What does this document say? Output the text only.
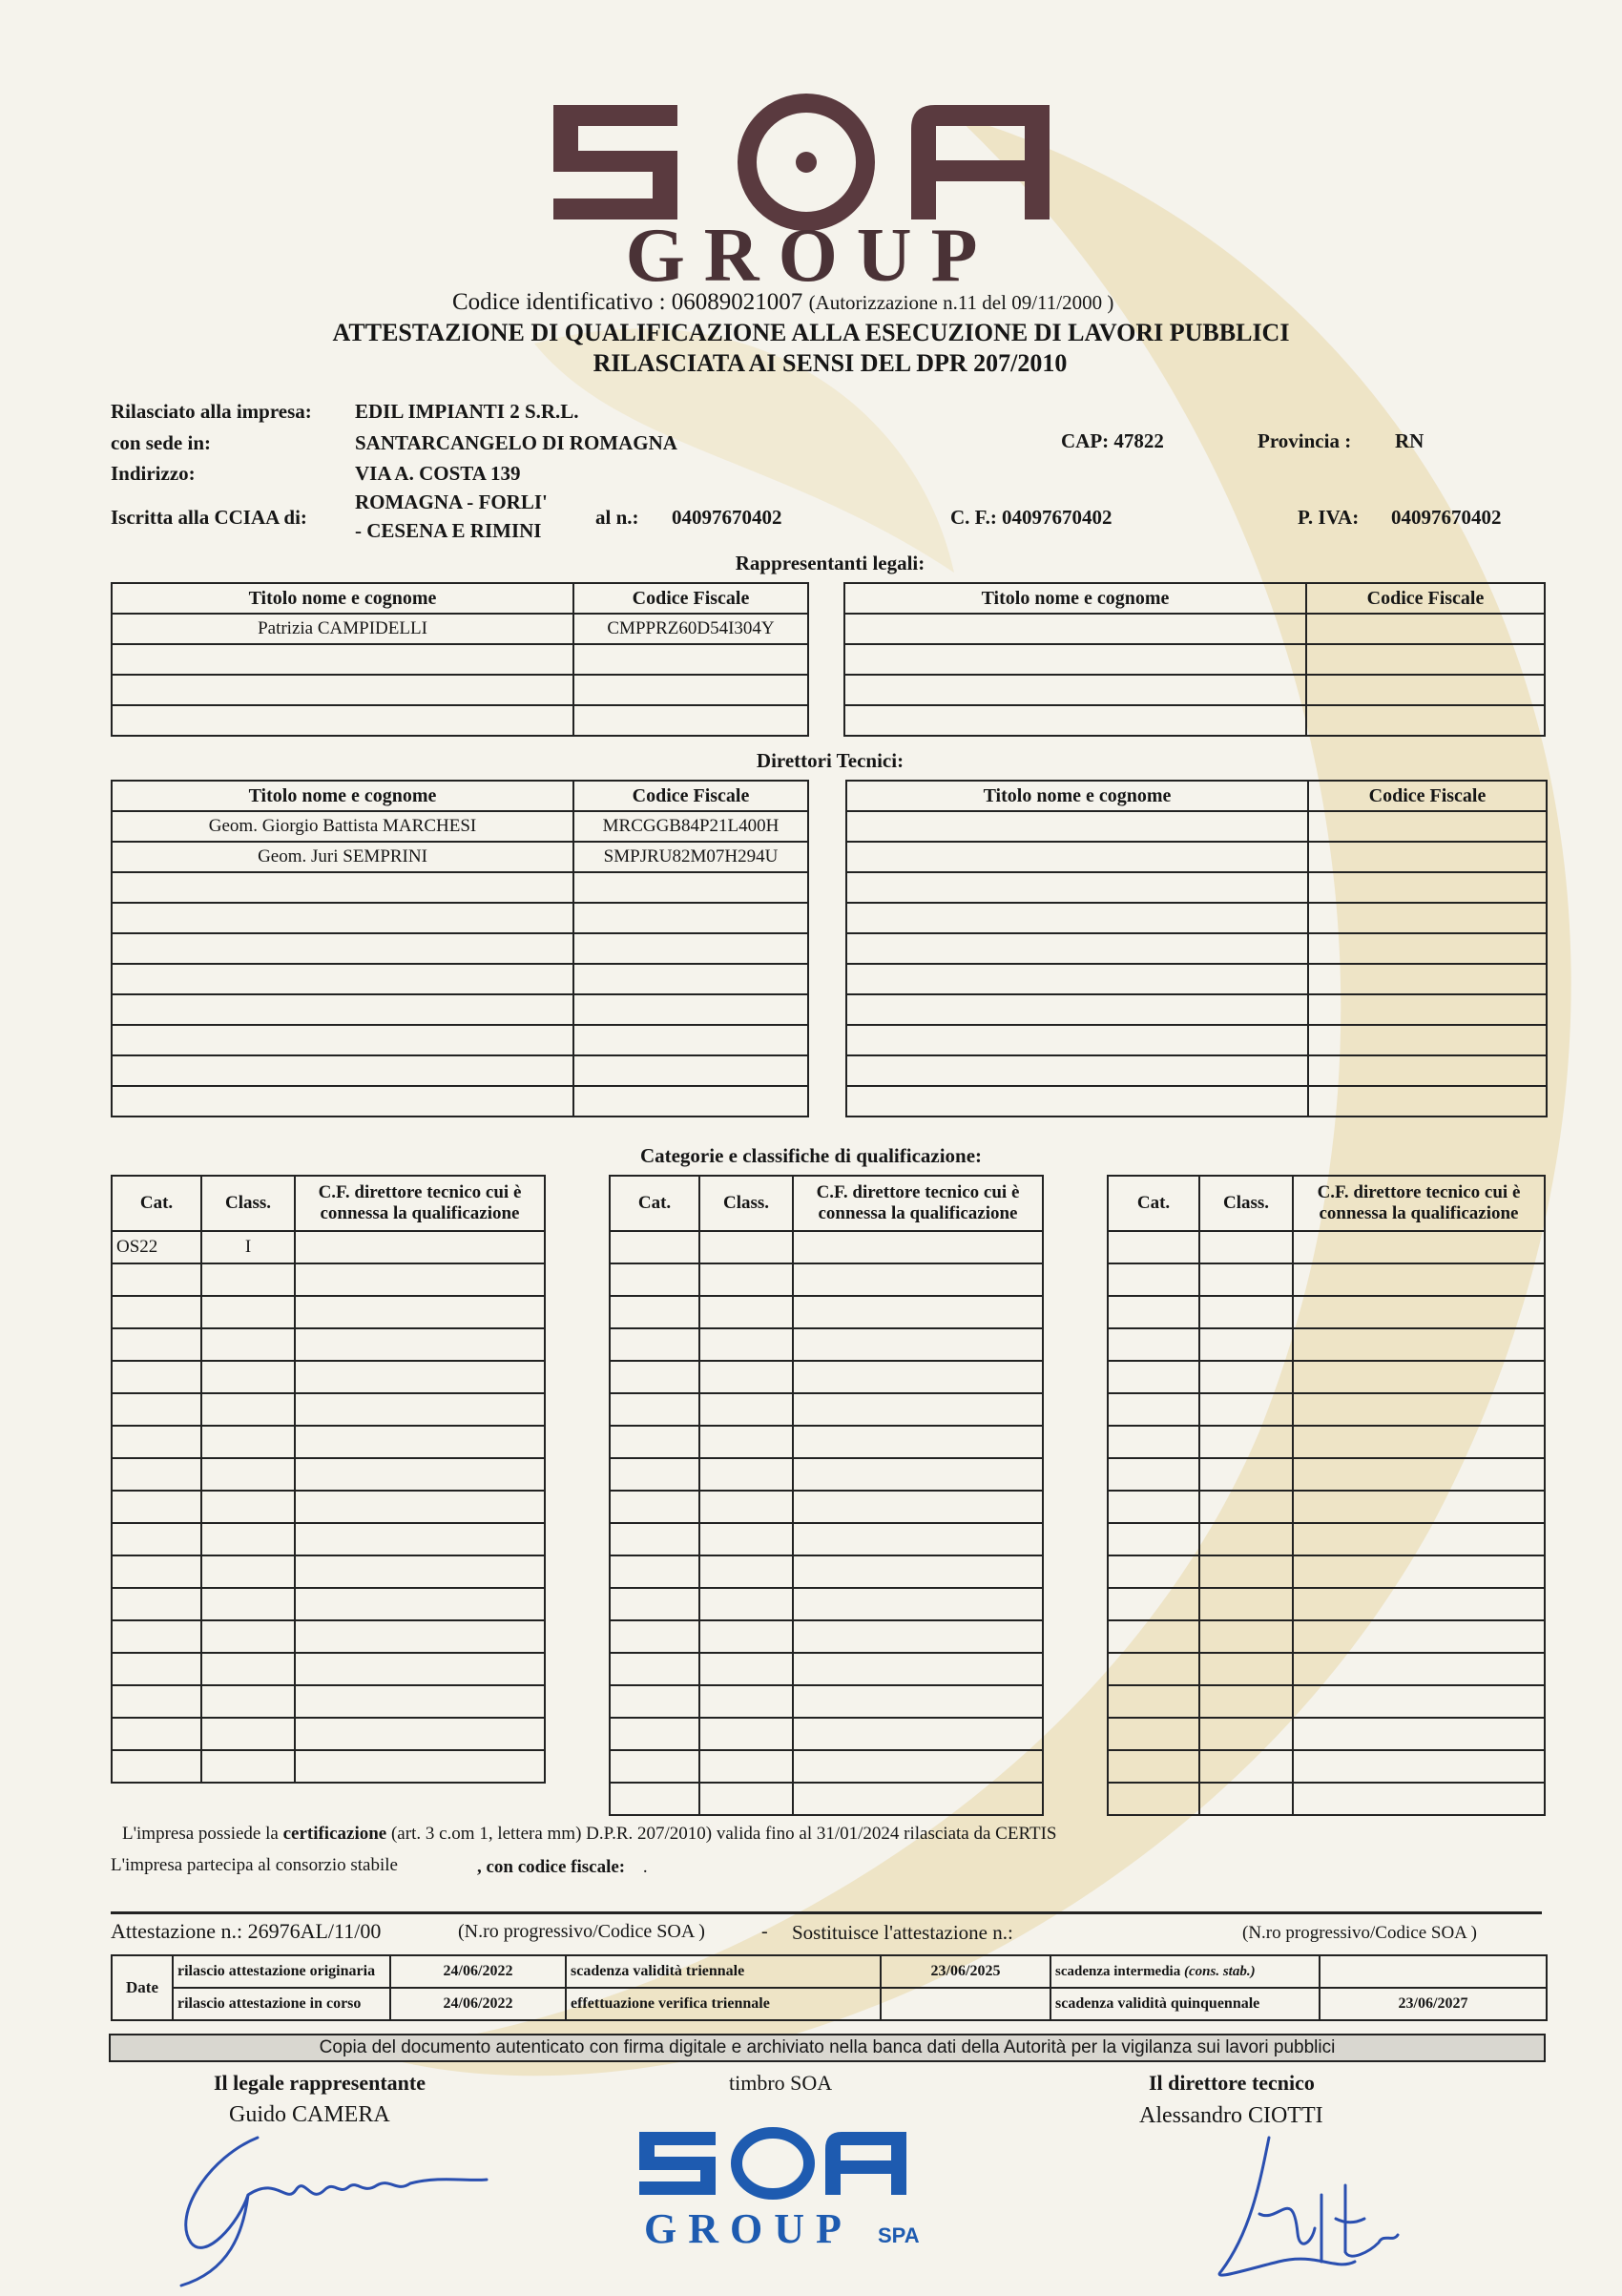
GROUP
Codice identificativo : 06089021007 (Autorizzazione n.11 del 09/11/2000 )
ATTESTAZIONE DI QUALIFICAZIONE ALLA ESECUZIONE DI LAVORI PUBBLICI
RILASCIATA AI SENSI DEL DPR 207/2010
Rilasciato alla impresa: EDIL IMPIANTI 2 S.R.L.
con sede in:	SANTARCANGELO DI ROMAGNA	CAP: 47822	Provincia : RN
Indirizzo:	VIA A. COSTA 139
Iscritta alla CCIAA di:
ROMAGNA - FORLI'
- CESENA E RIMINI
al n.: 04097670402	C. F.: 04097670402	P. IVA: 04097670402
Rappresentanti legali:
Titolo nome e cognome	Codice Fiscale
Patrizia CAMPIDELLI	CMPPRZ60D54I304Y

Titolo nome e cognome	Codice Fiscale

Direttori Tecnici:
Titolo nome e cognome	Codice Fiscale
Geom. Giorgio Battista MARCHESI	MRCGGB84P21L400H
Geom. Juri SEMPRINI	SMPJRU82M07H294U

Titolo nome e cognome	Codice Fiscale

Categorie e classifiche di qualificazione:
Cat.	Class.	C.F. direttore tecnico cui è connessa la qualificazione
OS22	I	

Cat.	Class.	C.F. direttore tecnico cui è connessa la qualificazione

Cat.	Class.	C.F. direttore tecnico cui è connessa la qualificazione

L'impresa possiede la certificazione (art. 3 c.om 1, lettera mm) D.P.R. 207/2010) valida fino al 31/01/2024 rilasciata da CERTIS
L'impresa partecipa al consorzio stabile	, con codice fiscale: .
Attestazione n.: 26976AL/11/00	(N.ro progressivo/Codice SOA )	- Sostituisce l'attestazione n.:	(N.ro progressivo/Codice SOA )
Date	rilascio attestazione originaria	24/06/2022	scadenza validità triennale	23/06/2025	scadenza intermedia (cons. stab.)	
	rilascio attestazione in corso	24/06/2022	effettuazione verifica triennale		scadenza validità quinquennale	23/06/2027
Copia del documento autenticato con firma digitale e archiviato nella banca dati della Autorità per la vigilanza sui lavori pubblici
Il legale rappresentante
Guido CAMERA
timbro SOA	Il direttore tecnico
Alessandro CIOTTI
GROUP SPA
